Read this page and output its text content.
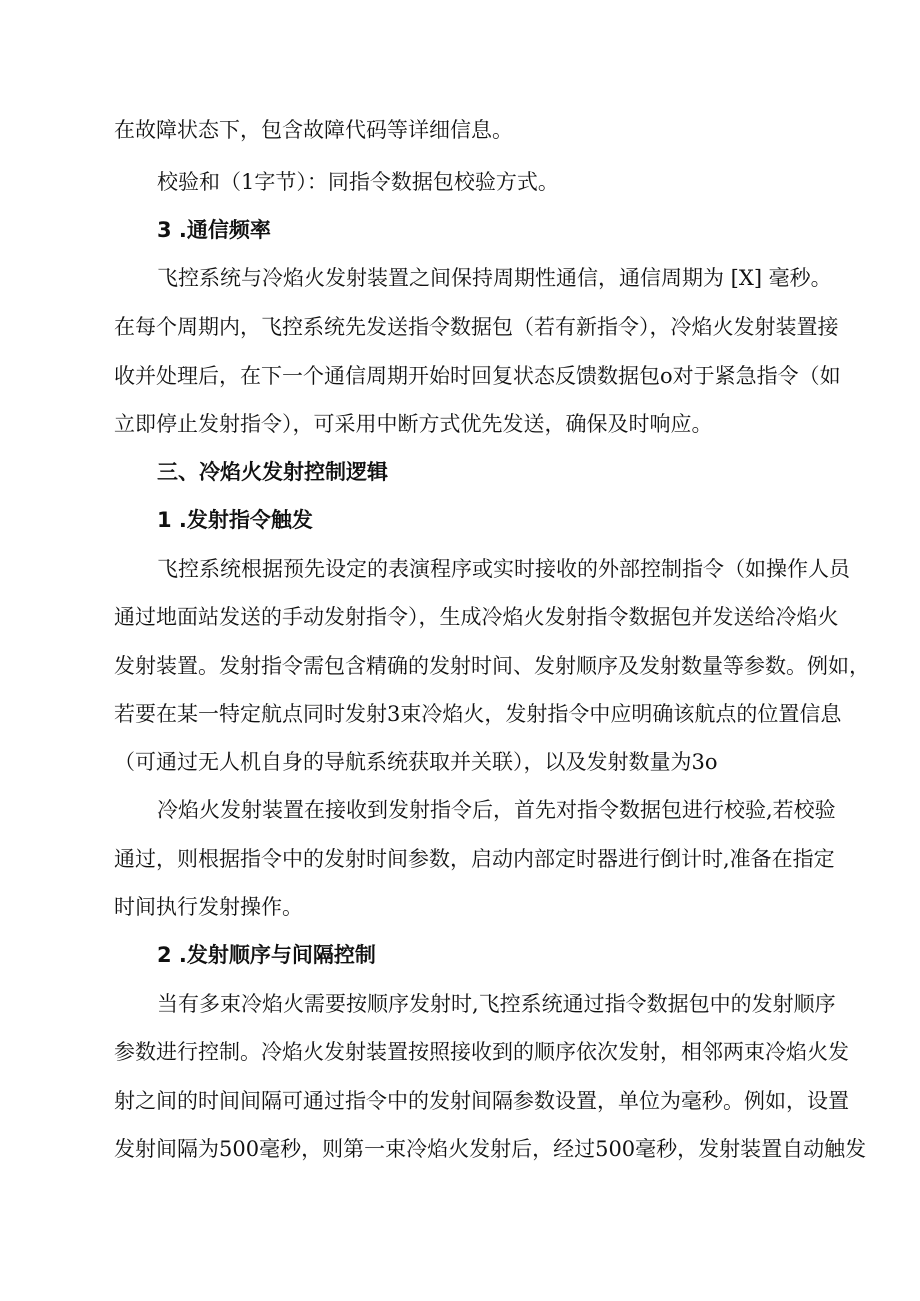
在故障状态下，包含故障代码等详细信息。
校验和（1字节）：同指令数据包校验方式。
3 .通信频率
飞控系统与冷焰火发射装置之间保持周期性通信，通信周期为 [X] 毫秒。
在每个周期内，飞控系统先发送指令数据包（若有新指令），冷焰火发射装置接
收并处理后，在下一个通信周期开始时回复状态反馈数据包o对于紧急指令（如
立即停止发射指令），可采用中断方式优先发送，确保及时响应。
三、冷焰火发射控制逻辑
1 .发射指令触发
飞控系统根据预先设定的表演程序或实时接收的外部控制指令（如操作人员
通过地面站发送的手动发射指令），生成冷焰火发射指令数据包并发送给冷焰火
发射装置。发射指令需包含精确的发射时间、发射顺序及发射数量等参数。例如，
若要在某一特定航点同时发射3束冷焰火，发射指令中应明确该航点的位置信息
（可通过无人机自身的导航系统获取并关联），以及发射数量为3o
冷焰火发射装置在接收到发射指令后，首先对指令数据包进行校验,若校验
通过，则根据指令中的发射时间参数，启动内部定时器进行倒计时,准备在指定
时间执行发射操作。
2 .发射顺序与间隔控制
当有多束冷焰火需要按顺序发射时,飞控系统通过指令数据包中的发射顺序
参数进行控制。冷焰火发射装置按照接收到的顺序依次发射，相邻两束冷焰火发
射之间的时间间隔可通过指令中的发射间隔参数设置，单位为毫秒。例如，设置
发射间隔为500毫秒，则第一束冷焰火发射后，经过500毫秒，发射装置自动触发
